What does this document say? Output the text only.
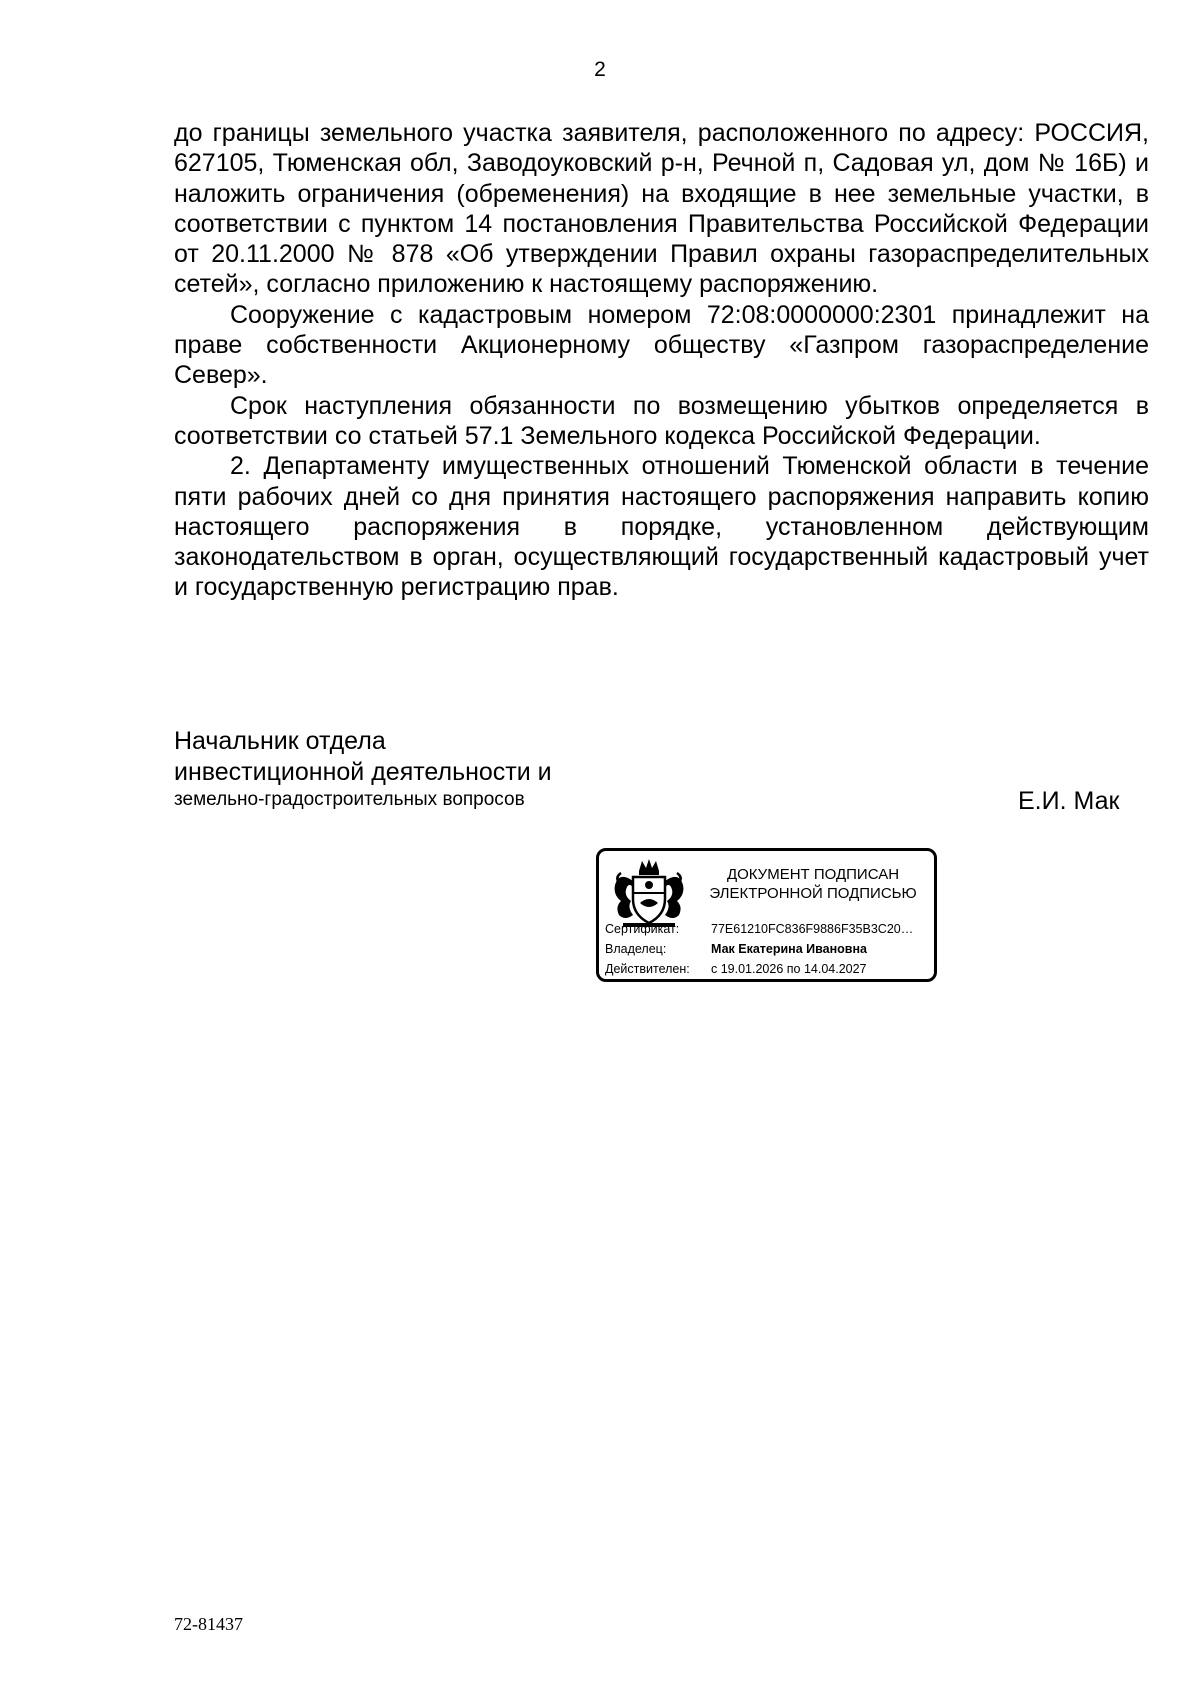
2

до границы земельного участка заявителя, расположенного по адресу: РОССИЯ, 627105, Тюменская обл, Заводоуковский р-н, Речной п, Садовая ул, дом № 16Б) и наложить ограничения (обременения) на входящие в нее земельные участки, в соответствии с пунктом 14 постановления Правительства Российской Федерации от 20.11.2000 № 878 «Об утверждении Правил охраны газораспределительных сетей», согласно приложению к настоящему распоряжению.

Сооружение с кадастровым номером 72:08:0000000:2301 принадлежит на праве собственности Акционерному обществу «Газпром газораспределение Север».

Срок наступления обязанности по возмещению убытков определяется в соответствии со статьей 57.1 Земельного кодекса Российской Федерации.

2. Департаменту имущественных отношений Тюменской области в течение пяти рабочих дней со дня принятия настоящего распоряжения направить копию настоящего распоряжения в порядке, установленном действующим законодательством в орган, осуществляющий государственный кадастровый учет и государственную регистрацию прав.

Начальник отдела
инвестиционной деятельности и
земельно-градостроительных вопросов	Е.И. Мак
ДОКУМЕНТ ПОДПИСАН
ЭЛЕКТРОННОЙ ПОДПИСЬЮ
Сертификат:	77E61210FC836F9886F35B3C20…
Владелец:	Мак Екатерина Ивановна
Действителен: с 19.01.2026 по 14.04.2027
72-81437
